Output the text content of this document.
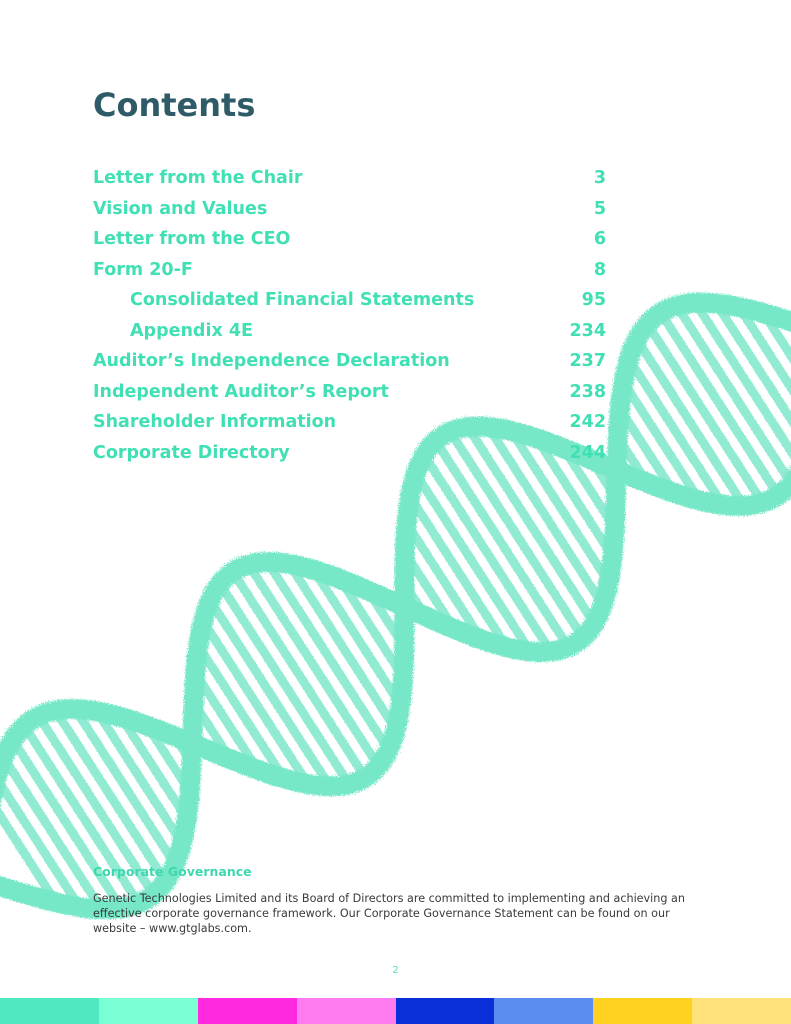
Contents
Letter from the Chair	3
Vision and Values	5
Letter from the CEO	6
Form 20-F	8
Consolidated Financial Statements	95
Appendix 4E	234
Auditor’s Independence Declaration	237
Independent Auditor’s Report	238
Shareholder Information	242
Corporate Directory	244
Corporate Governance

Genetic Technologies Limited and its Board of Directors are committed to implementing and achieving an effective corporate governance framework. Our Corporate Governance Statement can be found on our website – www.gtglabs.com.

2
